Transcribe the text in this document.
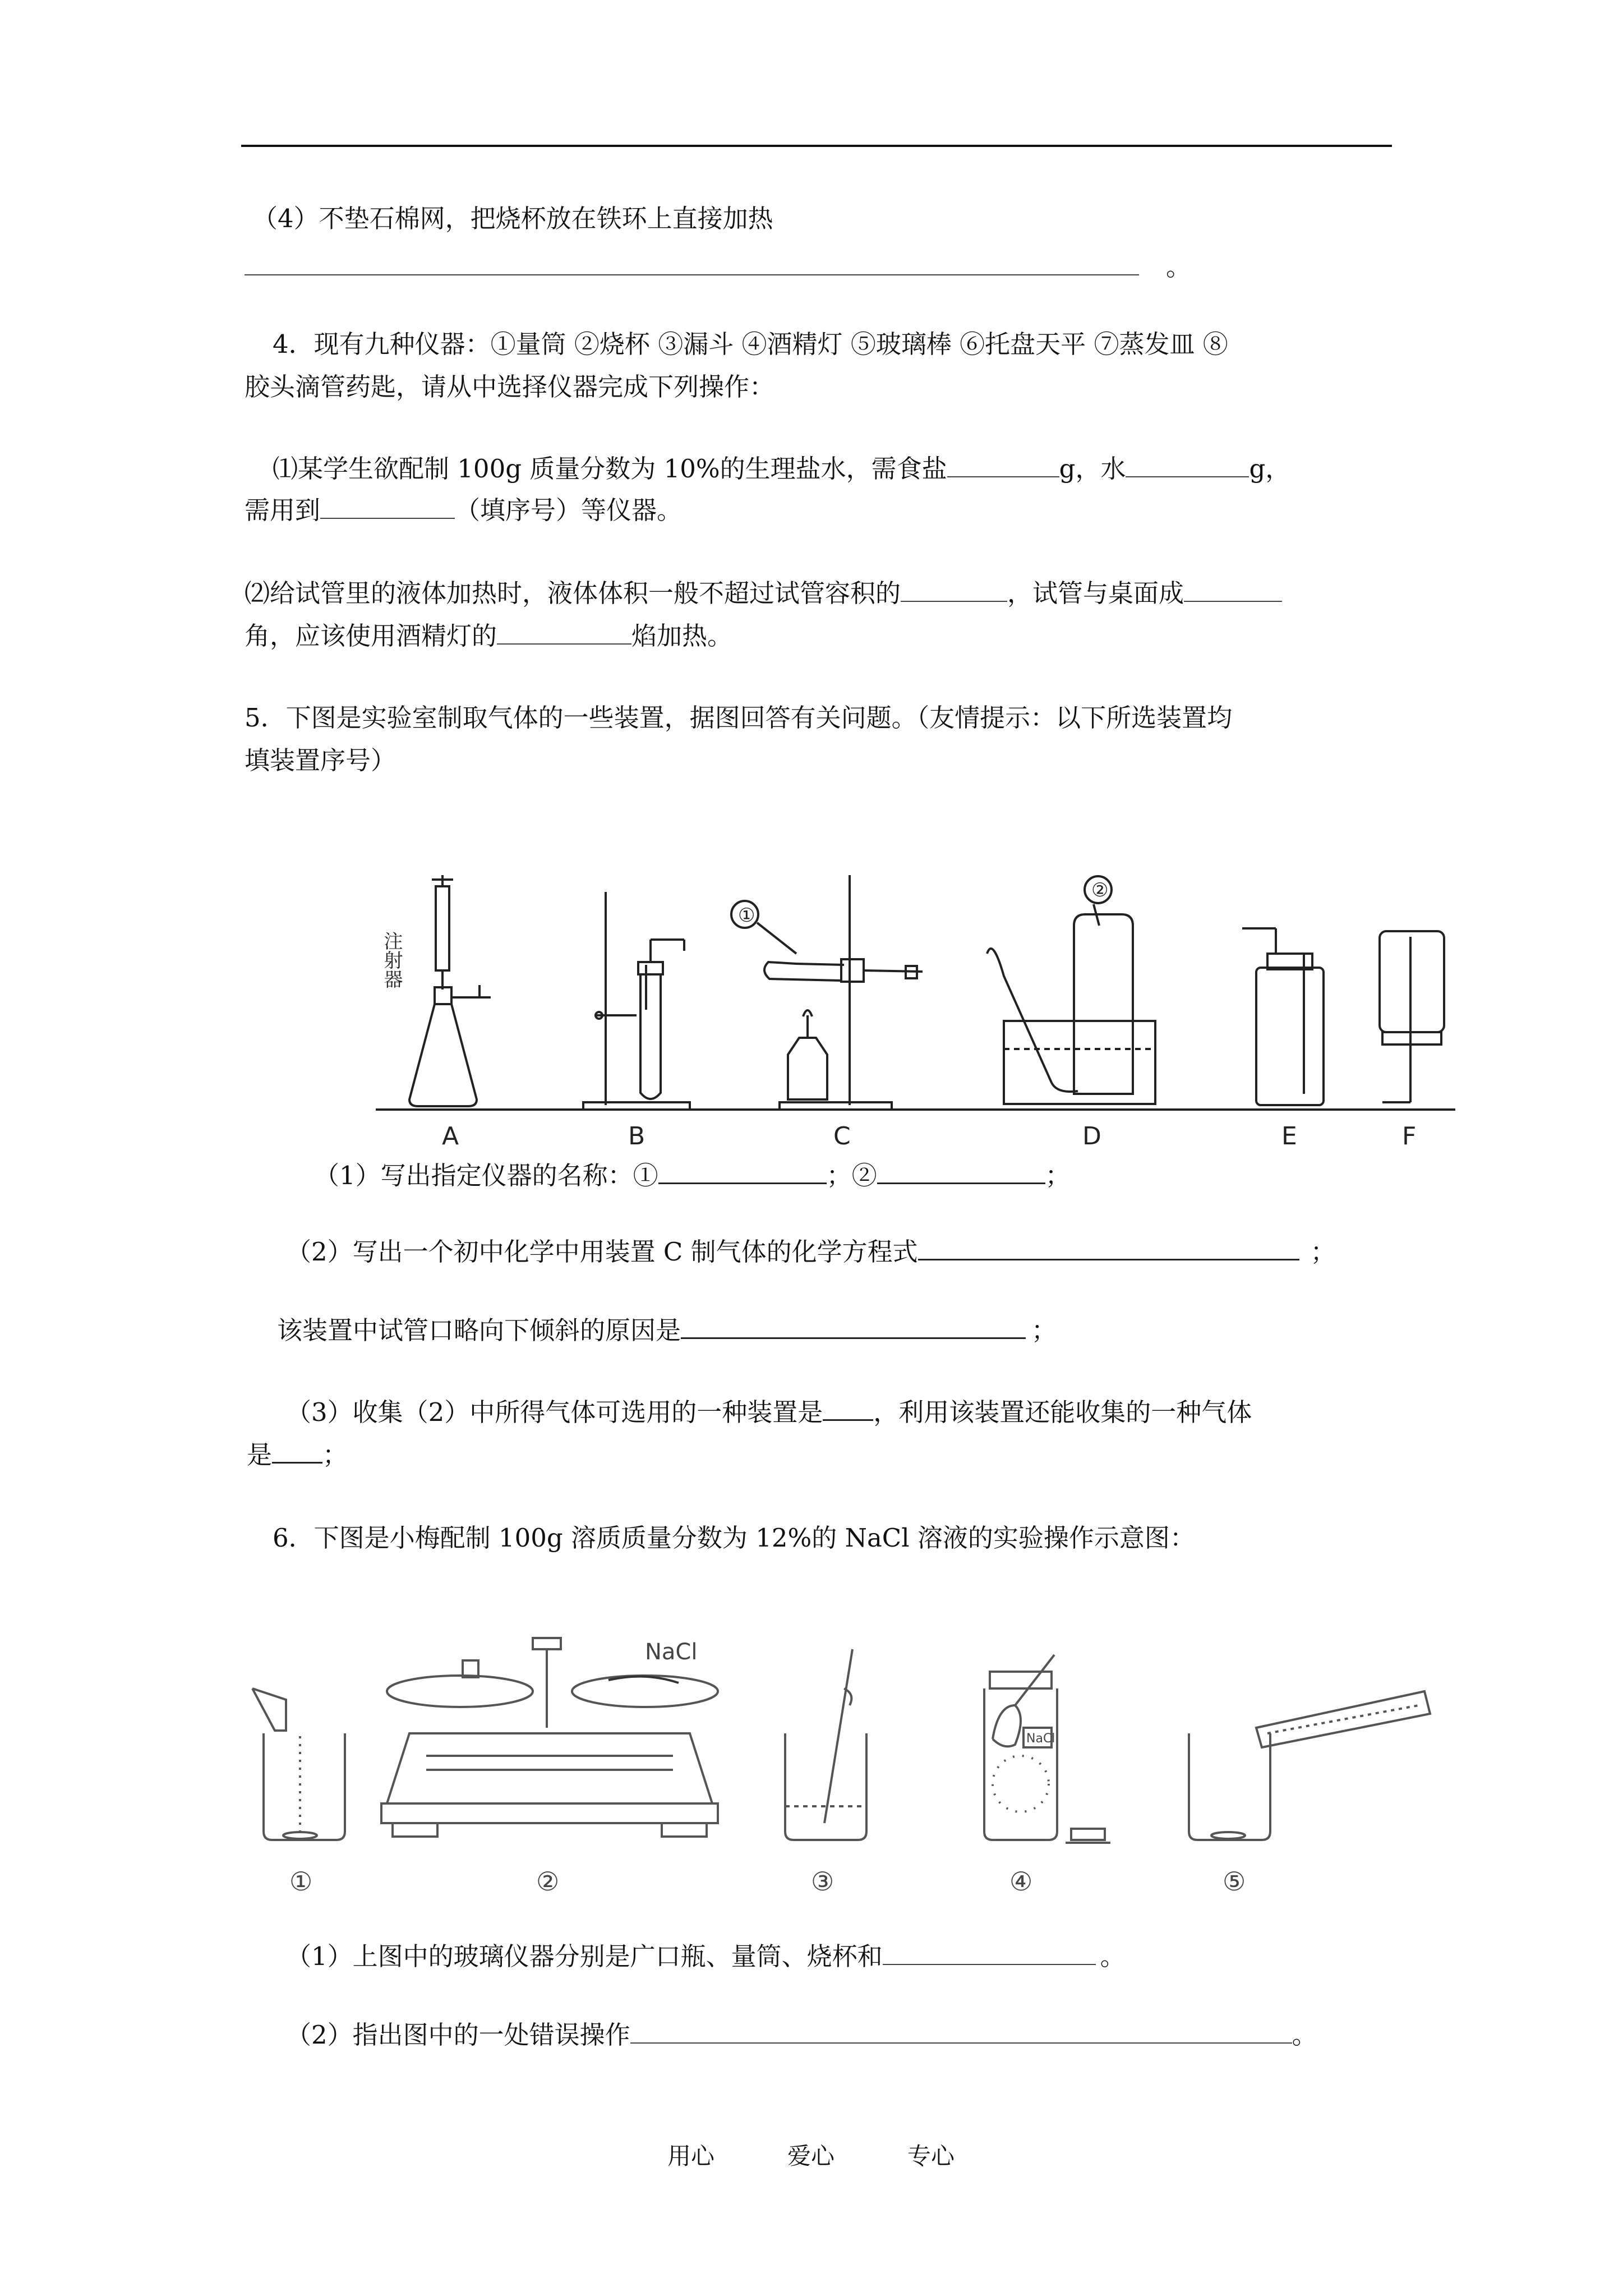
（4）不垫石棉网，把烧杯放在铁环上直接加热
。
4．现有九种仪器：①量筒 ②烧杯 ③漏斗 ④酒精灯 ⑤玻璃棒 ⑥托盘天平 ⑦蒸发皿 ⑧
胶头滴管药匙，请从中选择仪器完成下列操作：
⑴某学生欲配制 100g 质量分数为 10%的生理盐水，需食盐	g，水	g，
需用到	（填序号）等仪器。
⑵给试管里的液体加热时，液体体积一般不超过试管容积的	，试管与桌面成
角，应该使用酒精灯的	焰加热。
5．下图是实验室制取气体的一些装置，据图回答有关问题。（友情提示：以下所选装置均
填装置序号）
注射器
①
②
A	B	C	D	E	F
（1）写出指定仪器的名称：①	；②	；
（2）写出一个初中化学中用装置 C 制气体的化学方程式	；
该装置中试管口略向下倾斜的原因是	；
（3）收集（2）中所得气体可选用的一种装置是 ，利用该装置还能收集的一种气体
是 ；
6．下图是小梅配制 100g 溶质质量分数为 12%的 NaCl 溶液的实验操作示意图：
NaCl
NaCl
①	②	③	④	⑤
（1）上图中的玻璃仪器分别是广口瓶、量筒、烧杯和	。
（2）指出图中的一处错误操作	。
用心	爱心	专心
